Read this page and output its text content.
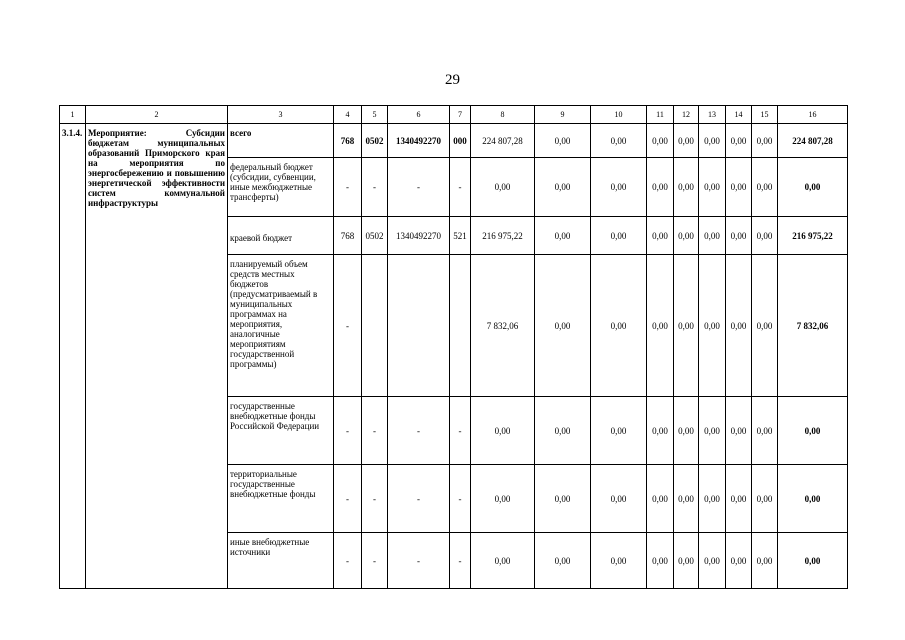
29
1	2	3	4	5	6	7	8	9	10	11	12	13	14	15	16
3.1.4.	Мероприятие: Субсидии бюджетам муниципальных образований Приморского края на мероприятия по энергосбережению и повышению энергетической эффективности систем коммунальной инфраструктуры	всего	768	0502	1340492270	000	224 807,28	0,00	0,00	0,00	0,00	0,00	0,00	0,00	224 807,28
		федеральный бюджет (субсидии, субвенции, иные межбюджетные трансферты)	-	-	-	-	0,00	0,00	0,00	0,00	0,00	0,00	0,00	0,00	0,00
		краевой бюджет	768	0502	1340492270	521	216 975,22	0,00	0,00	0,00	0,00	0,00	0,00	0,00	216 975,22
		планируемый объем средств местных бюджетов (предусматриваемый в муниципальных программах на мероприятия, аналогичные мероприятиям государственной программы)	-				7 832,06	0,00	0,00	0,00	0,00	0,00	0,00	0,00	7 832,06
		государственные внебюджетные фонды Российской Федерации	-	-	-	-	0,00	0,00	0,00	0,00	0,00	0,00	0,00	0,00	0,00
		территориальные государственные внебюджетные фонды	-	-	-	-	0,00	0,00	0,00	0,00	0,00	0,00	0,00	0,00	0,00
		иные внебюджетные источники	-	-	-	-	0,00	0,00	0,00	0,00	0,00	0,00	0,00	0,00	0,00
